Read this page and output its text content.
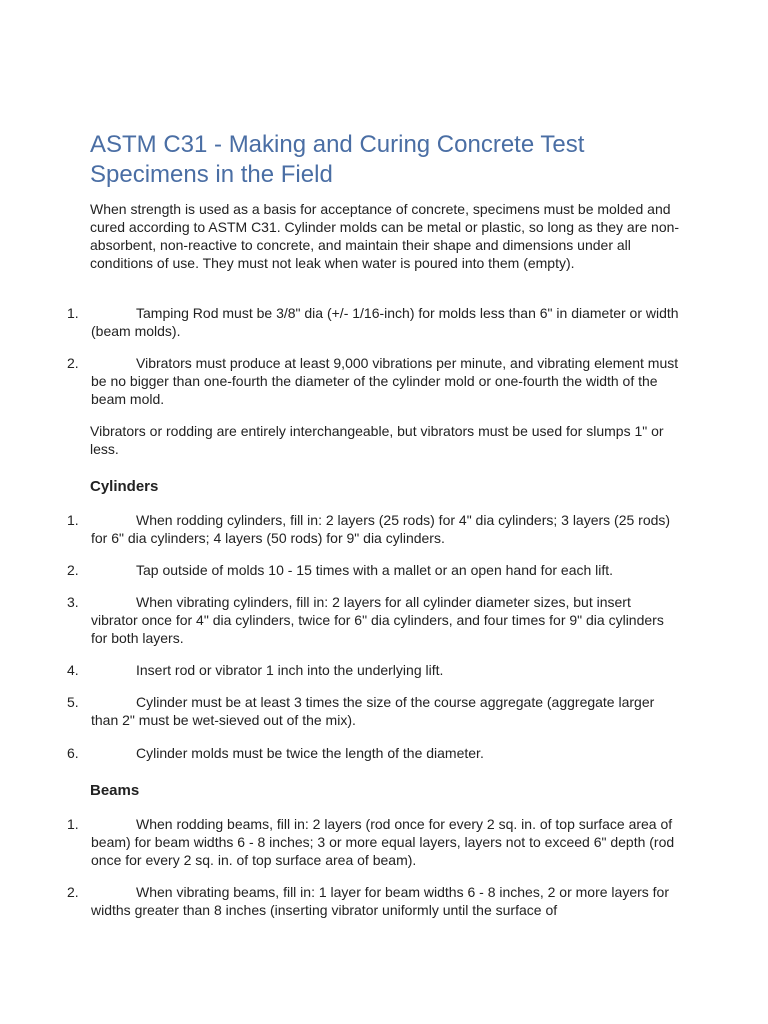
ASTM C31 - Making and Curing Concrete Test Specimens in the Field

When strength is used as a basis for acceptance of concrete, specimens must be molded and cured according to ASTM C31. Cylinder molds can be metal or plastic, so long as they are non-absorbent, non-reactive to concrete, and maintain their shape and dimensions under all conditions of use. They must not leak when water is poured into them (empty).

1.	Tamping Rod must be 3/8" dia (+/- 1/16-inch) for molds less than 6" in diameter or width (beam molds).
2.	Vibrators must produce at least 9,000 vibrations per minute, and vibrating element must be no bigger than one-fourth the diameter of the cylinder mold or one-fourth the width of the beam mold.

Vibrators or rodding are entirely interchangeable, but vibrators must be used for slumps 1" or less.

Cylinders
1.	When rodding cylinders, fill in: 2 layers (25 rods) for 4" dia cylinders; 3 layers (25 rods) for 6" dia cylinders; 4 layers (50 rods) for 9" dia cylinders.
2.	Tap outside of molds 10 - 15 times with a mallet or an open hand for each lift.
3.	When vibrating cylinders, fill in: 2 layers for all cylinder diameter sizes, but insert vibrator once for 4" dia cylinders, twice for 6" dia cylinders, and four times for 9" dia cylinders for both layers.
4.	Insert rod or vibrator 1 inch into the underlying lift.
5.	Cylinder must be at least 3 times the size of the course aggregate (aggregate larger than 2" must be wet-sieved out of the mix).
6.	Cylinder molds must be twice the length of the diameter.
Beams
1.	When rodding beams, fill in: 2 layers (rod once for every 2 sq. in. of top surface area of beam) for beam widths 6 - 8 inches; 3 or more equal layers, layers not to exceed 6" depth (rod once for every 2 sq. in. of top surface area of beam).
2.	When vibrating beams, fill in: 1 layer for beam widths 6 - 8 inches, 2 or more layers for widths greater than 8 inches (inserting vibrator uniformly until the surface of
